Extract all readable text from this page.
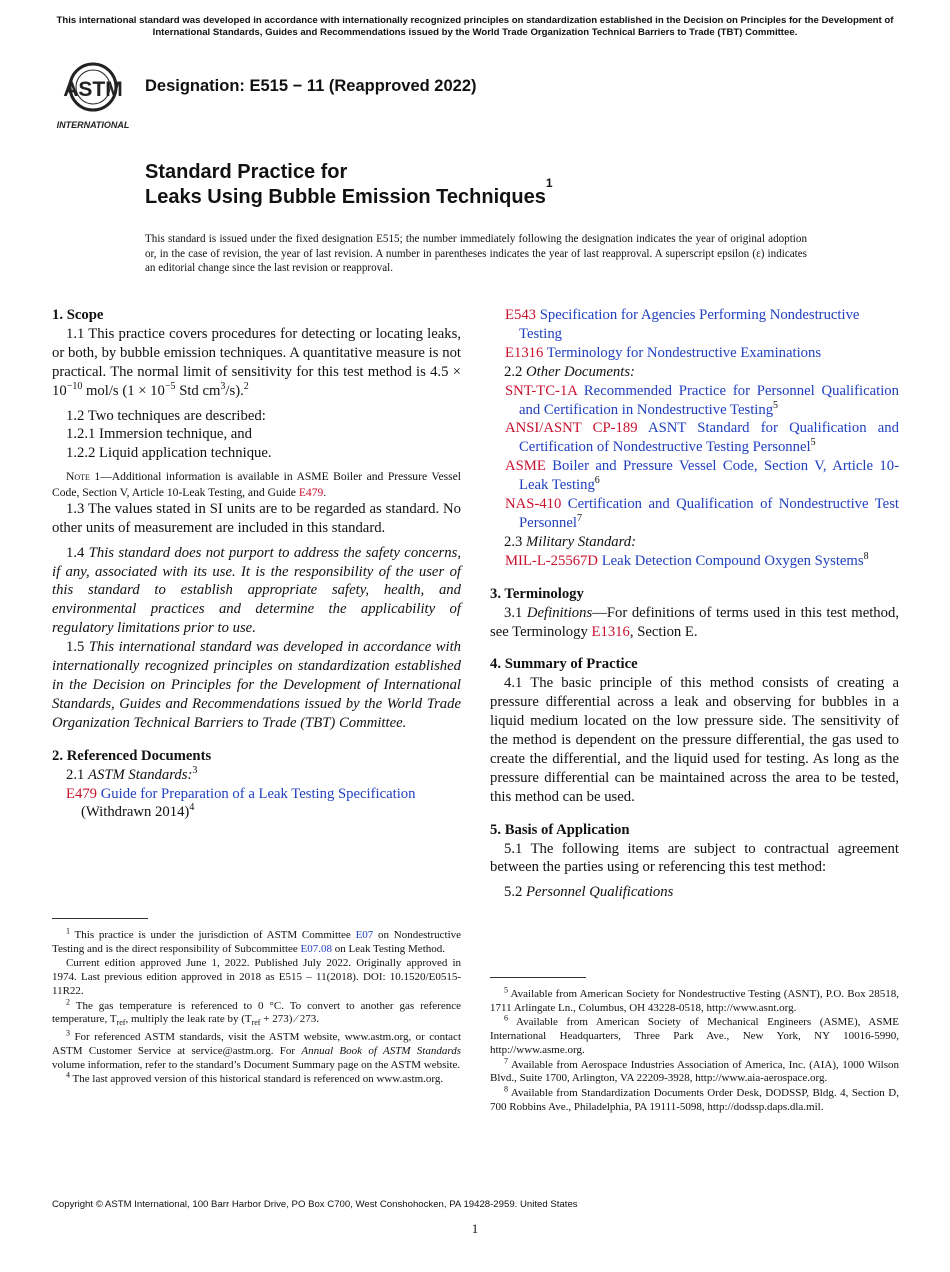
This international standard was developed in accordance with internationally recognized principles on standardization established in the Decision on Principles for the Development of International Standards, Guides and Recommendations issued by the World Trade Organization Technical Barriers to Trade (TBT) Committee.
ASTM
INTERNATIONAL
Designation: E515 − 11 (Reapproved 2022)
Standard Practice for
Leaks Using Bubble Emission Techniques$^1$
This standard is issued under the fixed designation E515; the number immediately following the designation indicates the year of original adoption or, in the case of revision, the year of last revision. A number in parentheses indicates the year of last reapproval. A superscript epsilon (ε) indicates an editorial change since the last revision or reapproval.

1. Scope

1.1 This practice covers procedures for detecting or locating leaks, or both, by bubble emission techniques. A quantitative measure is not practical. The normal limit of sensitivity for this test method is $4.5 \times 10^{-10}$ mol/s ($1 \times 10^{-5}$ Std $cm^3/s).^2$

1.2 Two techniques are described:

1.2.1 Immersion technique, and

1.2.2 Liquid application technique.

Note 1—Additional information is available in ASME Boiler and Pressure Vessel Code, Section V, Article 10-Leak Testing, and Guide E479.

1.3 The values stated in SI units are to be regarded as standard. No other units of measurement are included in this standard.

1.4 This standard does not purport to address the safety concerns, if any, associated with its use. It is the responsibility of the user of this standard to establish appropriate safety, health, and environmental practices and determine the applicability of regulatory limitations prior to use.

1.5 This international standard was developed in accordance with internationally recognized principles on standardization established in the Decision on Principles for the Development of International Standards, Guides and Recommendations issued by the World Trade Organization Technical Barriers to Trade (TBT) Committee.

2. Referenced Documents

2.1 ASTM Standards:$^3$

E479 Guide for Preparation of a Leak Testing Specification (Withdrawn 2014)$^4$

E543 Specification for Agencies Performing Nondestructive Testing

E1316 Terminology for Nondestructive Examinations

2.2 Other Documents:

SNT-TC-1A Recommended Practice for Personnel Qualification and Certification in Nondestructive Testing$^5$

ANSI/ASNT CP-189 ASNT Standard for Qualification and Certification of Nondestructive Testing Personnel$^5$

ASME Boiler and Pressure Vessel Code, Section V, Article 10-Leak Testing$^6$

NAS-410 Certification and Qualification of Nondestructive Test Personnel$^7$

2.3 Military Standard:

MIL-L-25567D Leak Detection Compound Oxygen Systems$^8$

3. Terminology

3.1 Definitions—For definitions of terms used in this test method, see Terminology E1316, Section E.

4. Summary of Practice

4.1 The basic principle of this method consists of creating a pressure differential across a leak and observing for bubbles in a liquid medium located on the low pressure side. The sensitivity of the method is dependent on the pressure differential, the gas used to create the differential, and the liquid used for testing. As long as the pressure differential can be maintained across the area to be tested, this method can be used.

5. Basis of Application

5.1 The following items are subject to contractual agreement between the parties using or referencing this test method:

5.2 Personnel Qualifications

$^1$ This practice is under the jurisdiction of ASTM Committee E07 on Nondestructive Testing and is the direct responsibility of Subcommittee E07.08 on Leak Testing Method.

Current edition approved June 1, 2022. Published July 2022. Originally approved in 1974. Last previous edition approved in 2018 as E515 – 11(2018). DOI: 10.1520/E0515-11R22.

$^2$ The gas temperature is referenced to 0 °C. To convert to another gas reference temperature, $T_{ref}$, multiply the leak rate by $(T_{ref} + 273)$ ⁄ 273.

$^3$ For referenced ASTM standards, visit the ASTM website, www.astm.org, or contact ASTM Customer Service at service@astm.org. For Annual Book of ASTM Standards volume information, refer to the standard’s Document Summary page on the ASTM website.

$^4$ The last approved version of this historical standard is referenced on www.astm.org.

$^5$ Available from American Society for Nondestructive Testing (ASNT), P.O. Box 28518, 1711 Arlingate Ln., Columbus, OH 43228-0518, http://www.asnt.org.

$^6$ Available from American Society of Mechanical Engineers (ASME), ASME International Headquarters, Three Park Ave., New York, NY 10016-5990, http://www.asme.org.

$^7$ Available from Aerospace Industries Association of America, Inc. (AIA), 1000 Wilson Blvd., Suite 1700, Arlington, VA 22209-3928, http://www.aia-aerospace.org.

$^8$ Available from Standardization Documents Order Desk, DODSSP, Bldg. 4, Section D, 700 Robbins Ave., Philadelphia, PA 19111-5098, http://dodssp.daps.dla.mil.

Copyright © ASTM International, 100 Barr Harbor Drive, PO Box C700, West Conshohocken, PA 19428-2959. United States
1
